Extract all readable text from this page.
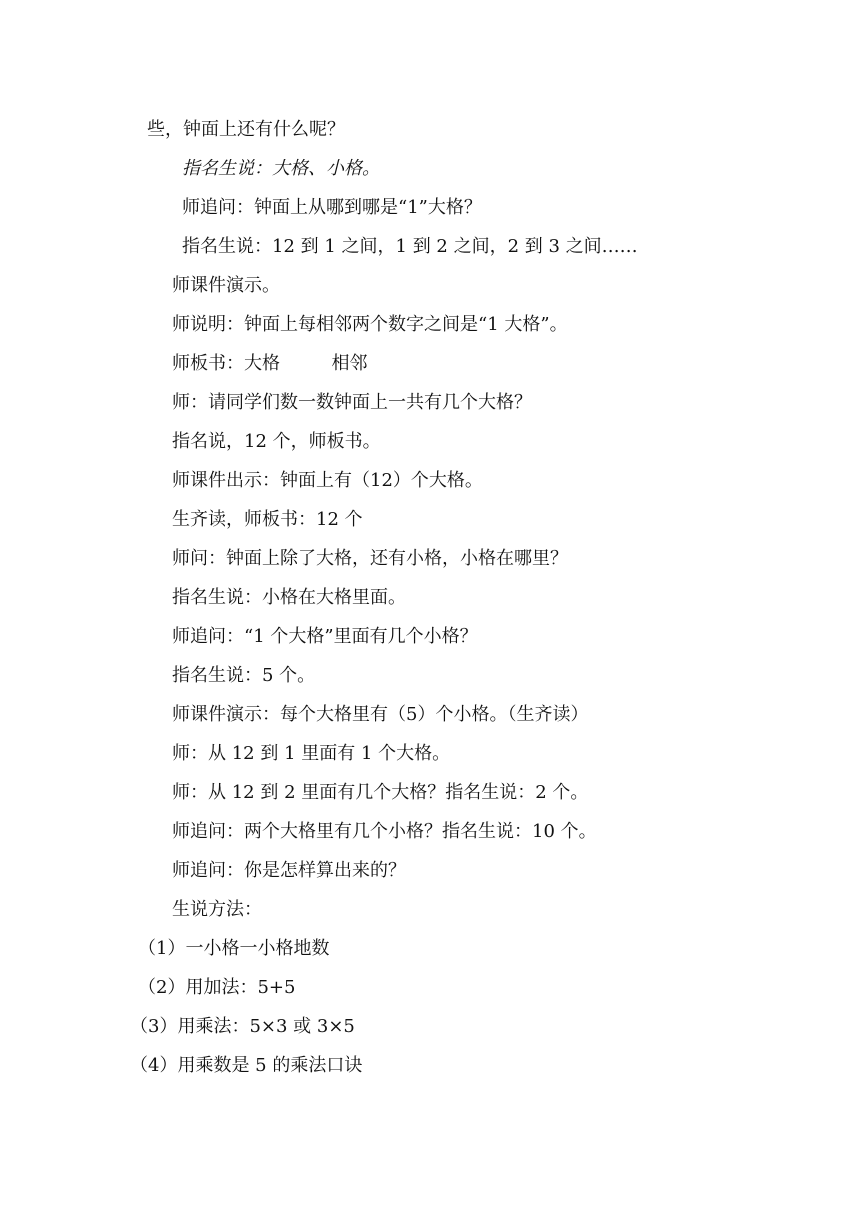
些，钟面上还有什么呢？
指名生说：大格、小格。
师追问：钟面上从哪到哪是“1”大格？
指名生说：12 到 1 之间，1 到 2 之间，2 到 3 之间……
师课件演示。
师说明：钟面上每相邻两个数字之间是“1 大格”。
师板书：大格         相邻
师：请同学们数一数钟面上一共有几个大格？
指名说，12 个，师板书。
师课件出示：钟面上有（12）个大格。
生齐读，师板书：12 个
师问：钟面上除了大格，还有小格，小格在哪里？
指名生说：小格在大格里面。
师追问：“1 个大格”里面有几个小格？
指名生说：5 个。
师课件演示：每个大格里有（5）个小格。（生齐读）
师：从 12 到 1 里面有 1 个大格。
师：从 12 到 2 里面有几个大格？指名生说：2 个。
师追问：两个大格里有几个小格？指名生说：10 个。
师追问：你是怎样算出来的？
生说方法：
（1）一小格一小格地数
（2）用加法：5+5
（3）用乘法：5×3 或 3×5
（4）用乘数是 5 的乘法口诀
